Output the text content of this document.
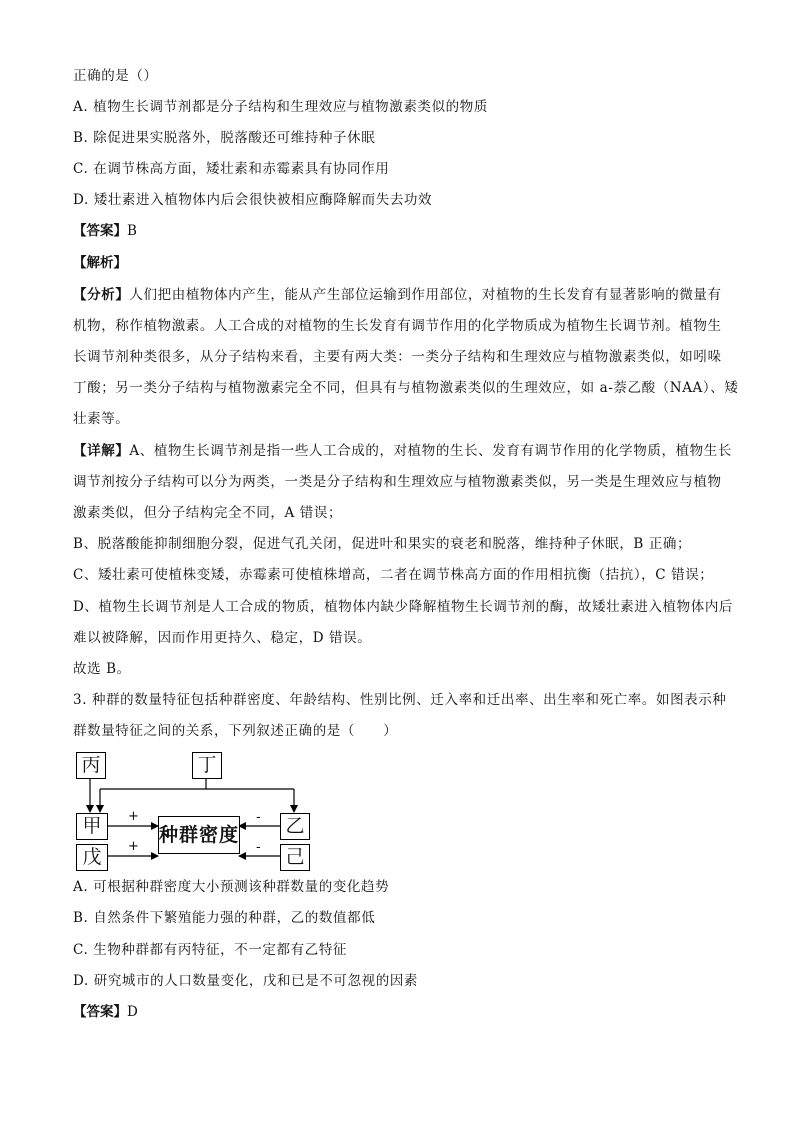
正确的是（）
A. 植物生长调节剂都是分子结构和生理效应与植物激素类似的物质
B. 除促进果实脱落外，脱落酸还可维持种子休眠
C. 在调节株高方面，矮壮素和赤霉素具有协同作用
D. 矮壮素进入植物体内后会很快被相应酶降解而失去功效
【 答案 】 B
【 解析 】
【 分析 】 人们把由植物体内产生，能从产生部位运输到作用部位，对植物的生长发育有显著影响的微量有
机物，称作植物激素。人工合成的对植物的生长发育有调节作用的化学物质成为植物生长调节剂。植物生
长调节剂种类很多，从分子结构来看，主要有两大类：一类分子结构和生理效应与植物激素类似，如吲哚
丁酸；另一类分子结构与植物激素完全不同，但具有与植物激素类似的生理效应，如 a-萘乙酸（NAA）、矮
壮素等。
【 详解 】 A、植物生长调节剂是指一些人工合成的，对植物的生长、发育有调节作用的化学物质，植物生长
调节剂按分子结构可以分为两类，一类是分子结构和生理效应与植物激素类似，另一类是生理效应与植物
激素类似，但分子结构完全不同，A 错误；
B、脱落酸能抑制细胞分裂，促进气孔关闭，促进叶和果实的衰老和脱落，维持种子休眠，B 正确；
C、矮壮素可使植株变矮，赤霉素可使植株增高，二者在调节株高方面的作用相抗衡（拮抗），C 错误；
D、植物生长调节剂是人工合成的物质，植物体内缺少降解植物生长调节剂的酶，故矮壮素进入植物体内后
难以被降解，因而作用更持久、稳定，D 错误。
故选 B。
3. 种群的数量特征包括种群密度、年龄结构、性别比例、迁入率和迁出率、出生率和死亡率。如图表示种
群数量特征之间的关系，下列叙述正确的是（　　）
丙	丁
甲
戊
种群密度 乙
己
+
+
-
-
A. 可根据种群密度大小预测该种群数量的变化趋势
B. 自然条件下繁殖能力强的种群，乙的数值都低
C. 生物种群都有丙特征，不一定都有乙特征
D. 研究城市的人口数量变化，戊和已是不可忽视的因素
【 答案 】 D
